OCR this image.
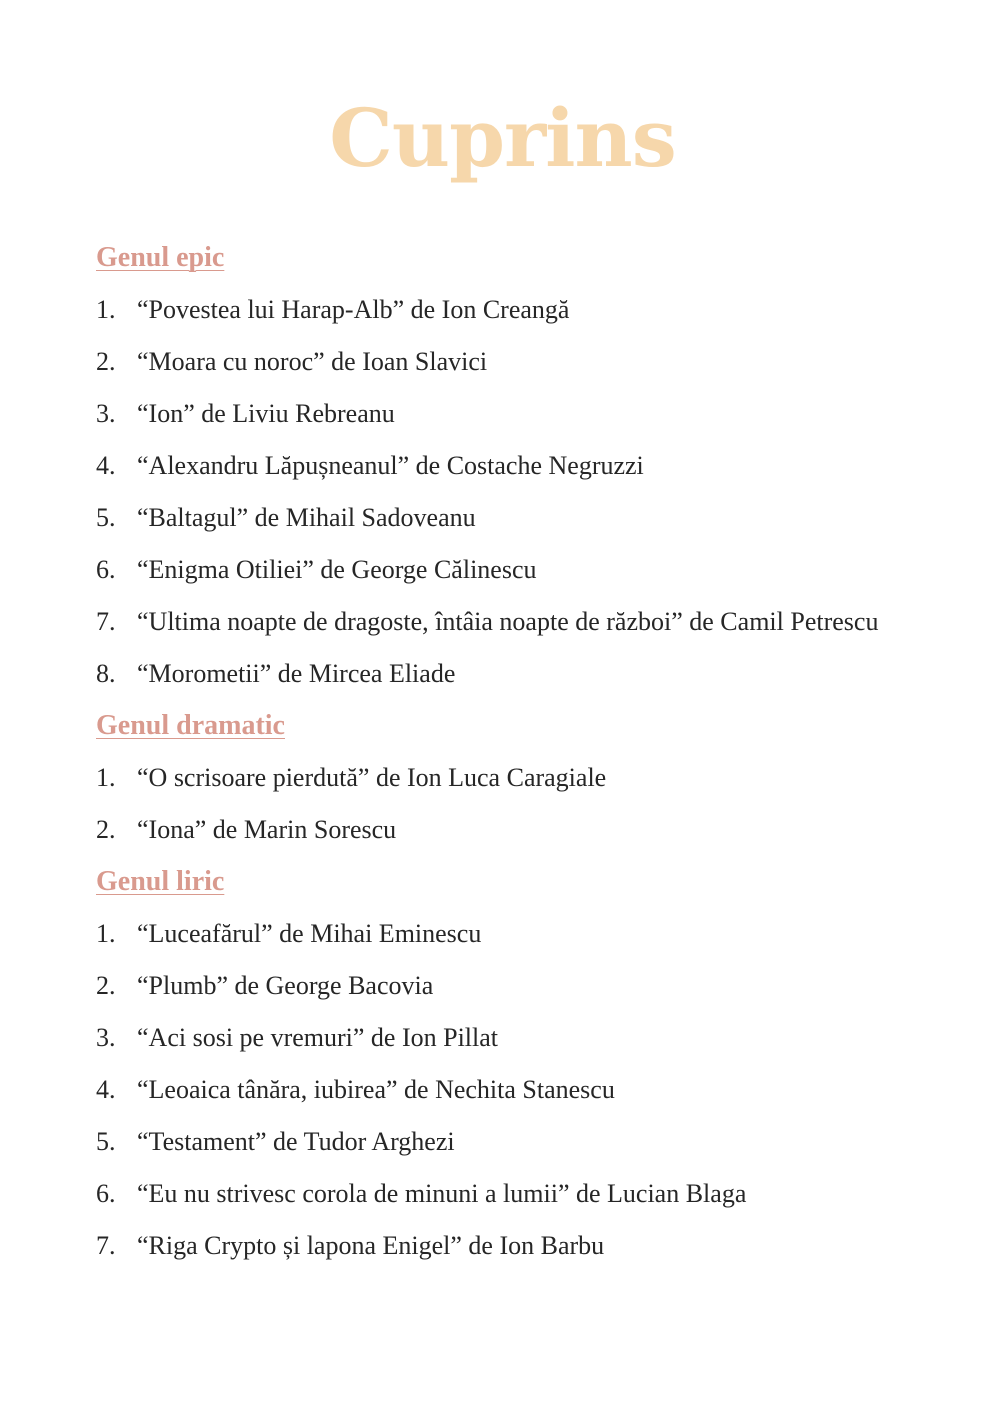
Cuprins
Genul epic
1. “Povestea lui Harap-Alb” de Ion Creangă
2. “Moara cu noroc” de Ioan Slavici
3. “Ion” de Liviu Rebreanu
4. “Alexandru Lăpușneanul” de Costache Negruzzi
5. “Baltagul” de Mihail Sadoveanu
6. “Enigma Otiliei” de George Călinescu
7. “Ultima noapte de dragoste, întâia noapte de război” de Camil Petrescu
8. “Morometii” de Mircea Eliade
Genul dramatic
1. “O scrisoare pierdută” de Ion Luca Caragiale
2. “Iona” de Marin Sorescu
Genul liric
1. “Luceafărul” de Mihai Eminescu
2. “Plumb” de George Bacovia
3. “Aci sosi pe vremuri” de Ion Pillat
4. “Leoaica tânăra, iubirea” de Nechita Stanescu
5. “Testament” de Tudor Arghezi
6. “Eu nu strivesc corola de minuni a lumii” de Lucian Blaga
7. “Riga Crypto și lapona Enigel” de Ion Barbu
